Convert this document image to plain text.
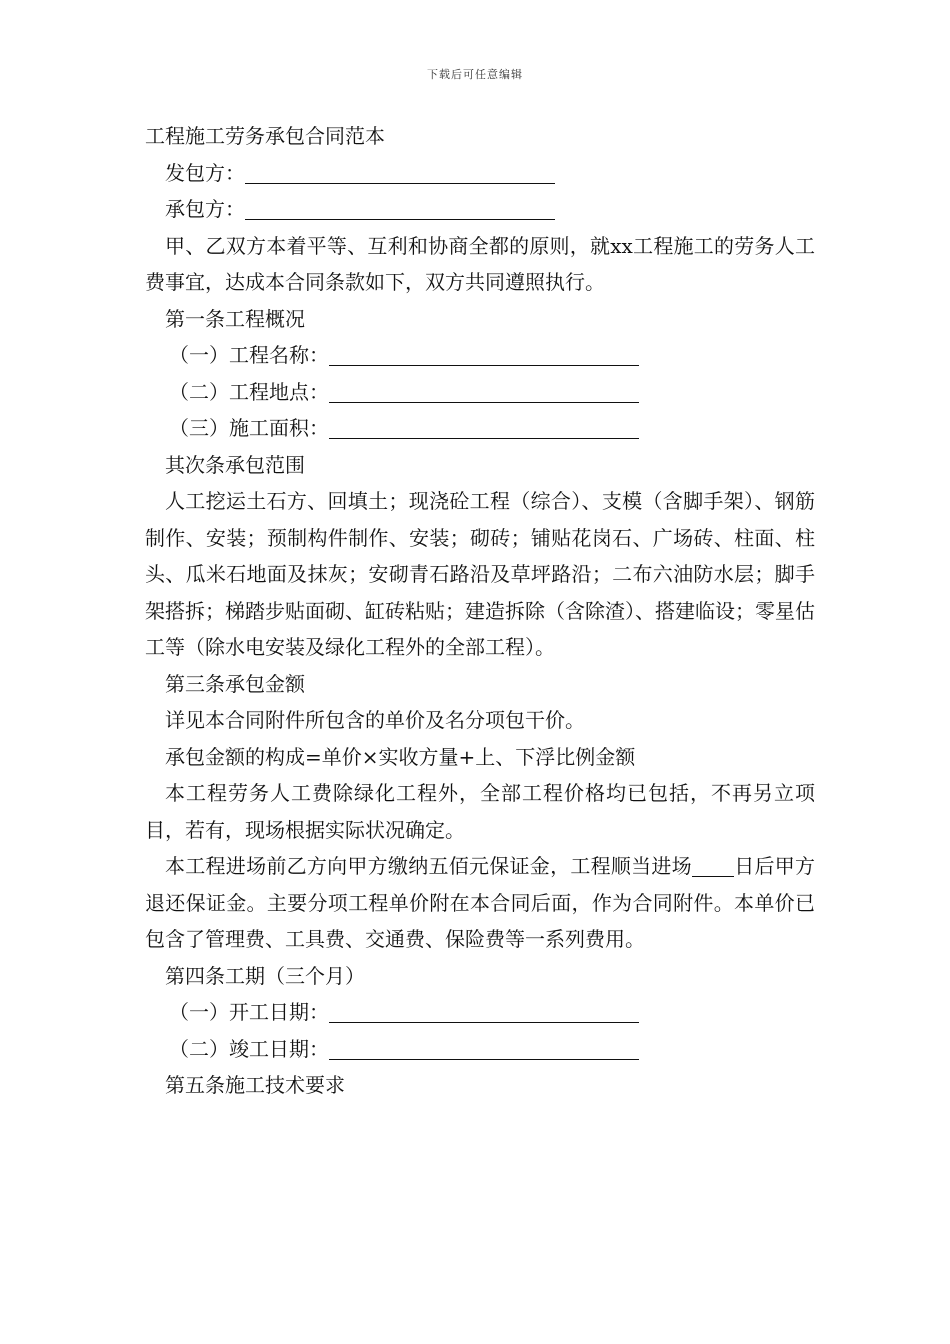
下载后可任意编辑
工程施工劳务承包合同范本
发包方：
承包方：
甲、乙双方本着平等、互利和协商全都的原则，就xx工程施工的劳务人工费事宜，达成本合同条款如下，双方共同遵照执行。
第一条工程概况
（一）工程名称：
（二）工程地点：
（三）施工面积：
其次条承包范围
人工挖运土石方、回填土；现浇砼工程（综合）、支模（含脚手架）、钢筋制作、安装；预制构件制作、安装；砌砖；铺贴花岗石、广场砖、柱面、柱头、瓜米石地面及抹灰；安砌青石路沿及草坪路沿；二布六油防水层；脚手架搭拆；梯踏步贴面砌、缸砖粘贴；建造拆除（含除渣）、搭建临设；零星估工等（除水电安装及绿化工程外的全部工程）。
第三条承包金额
详见本合同附件所包含的单价及名分项包干价。
承包金额的构成=单价×实收方量+上、下浮比例金额
本工程劳务人工费除绿化工程外，全部工程价格均已包括，不再另立项目，若有，现场根据实际状况确定。
本工程进场前乙方向甲方缴纳五佰元保证金，工程顺当进场 日后甲方退还保证金。主要分项工程单价附在本合同后面，作为合同附件。本单价已包含了管理费、工具费、交通费、保险费等一系列费用。
第四条工期（三个月）
（一）开工日期：
（二）竣工日期：
第五条施工技术要求
